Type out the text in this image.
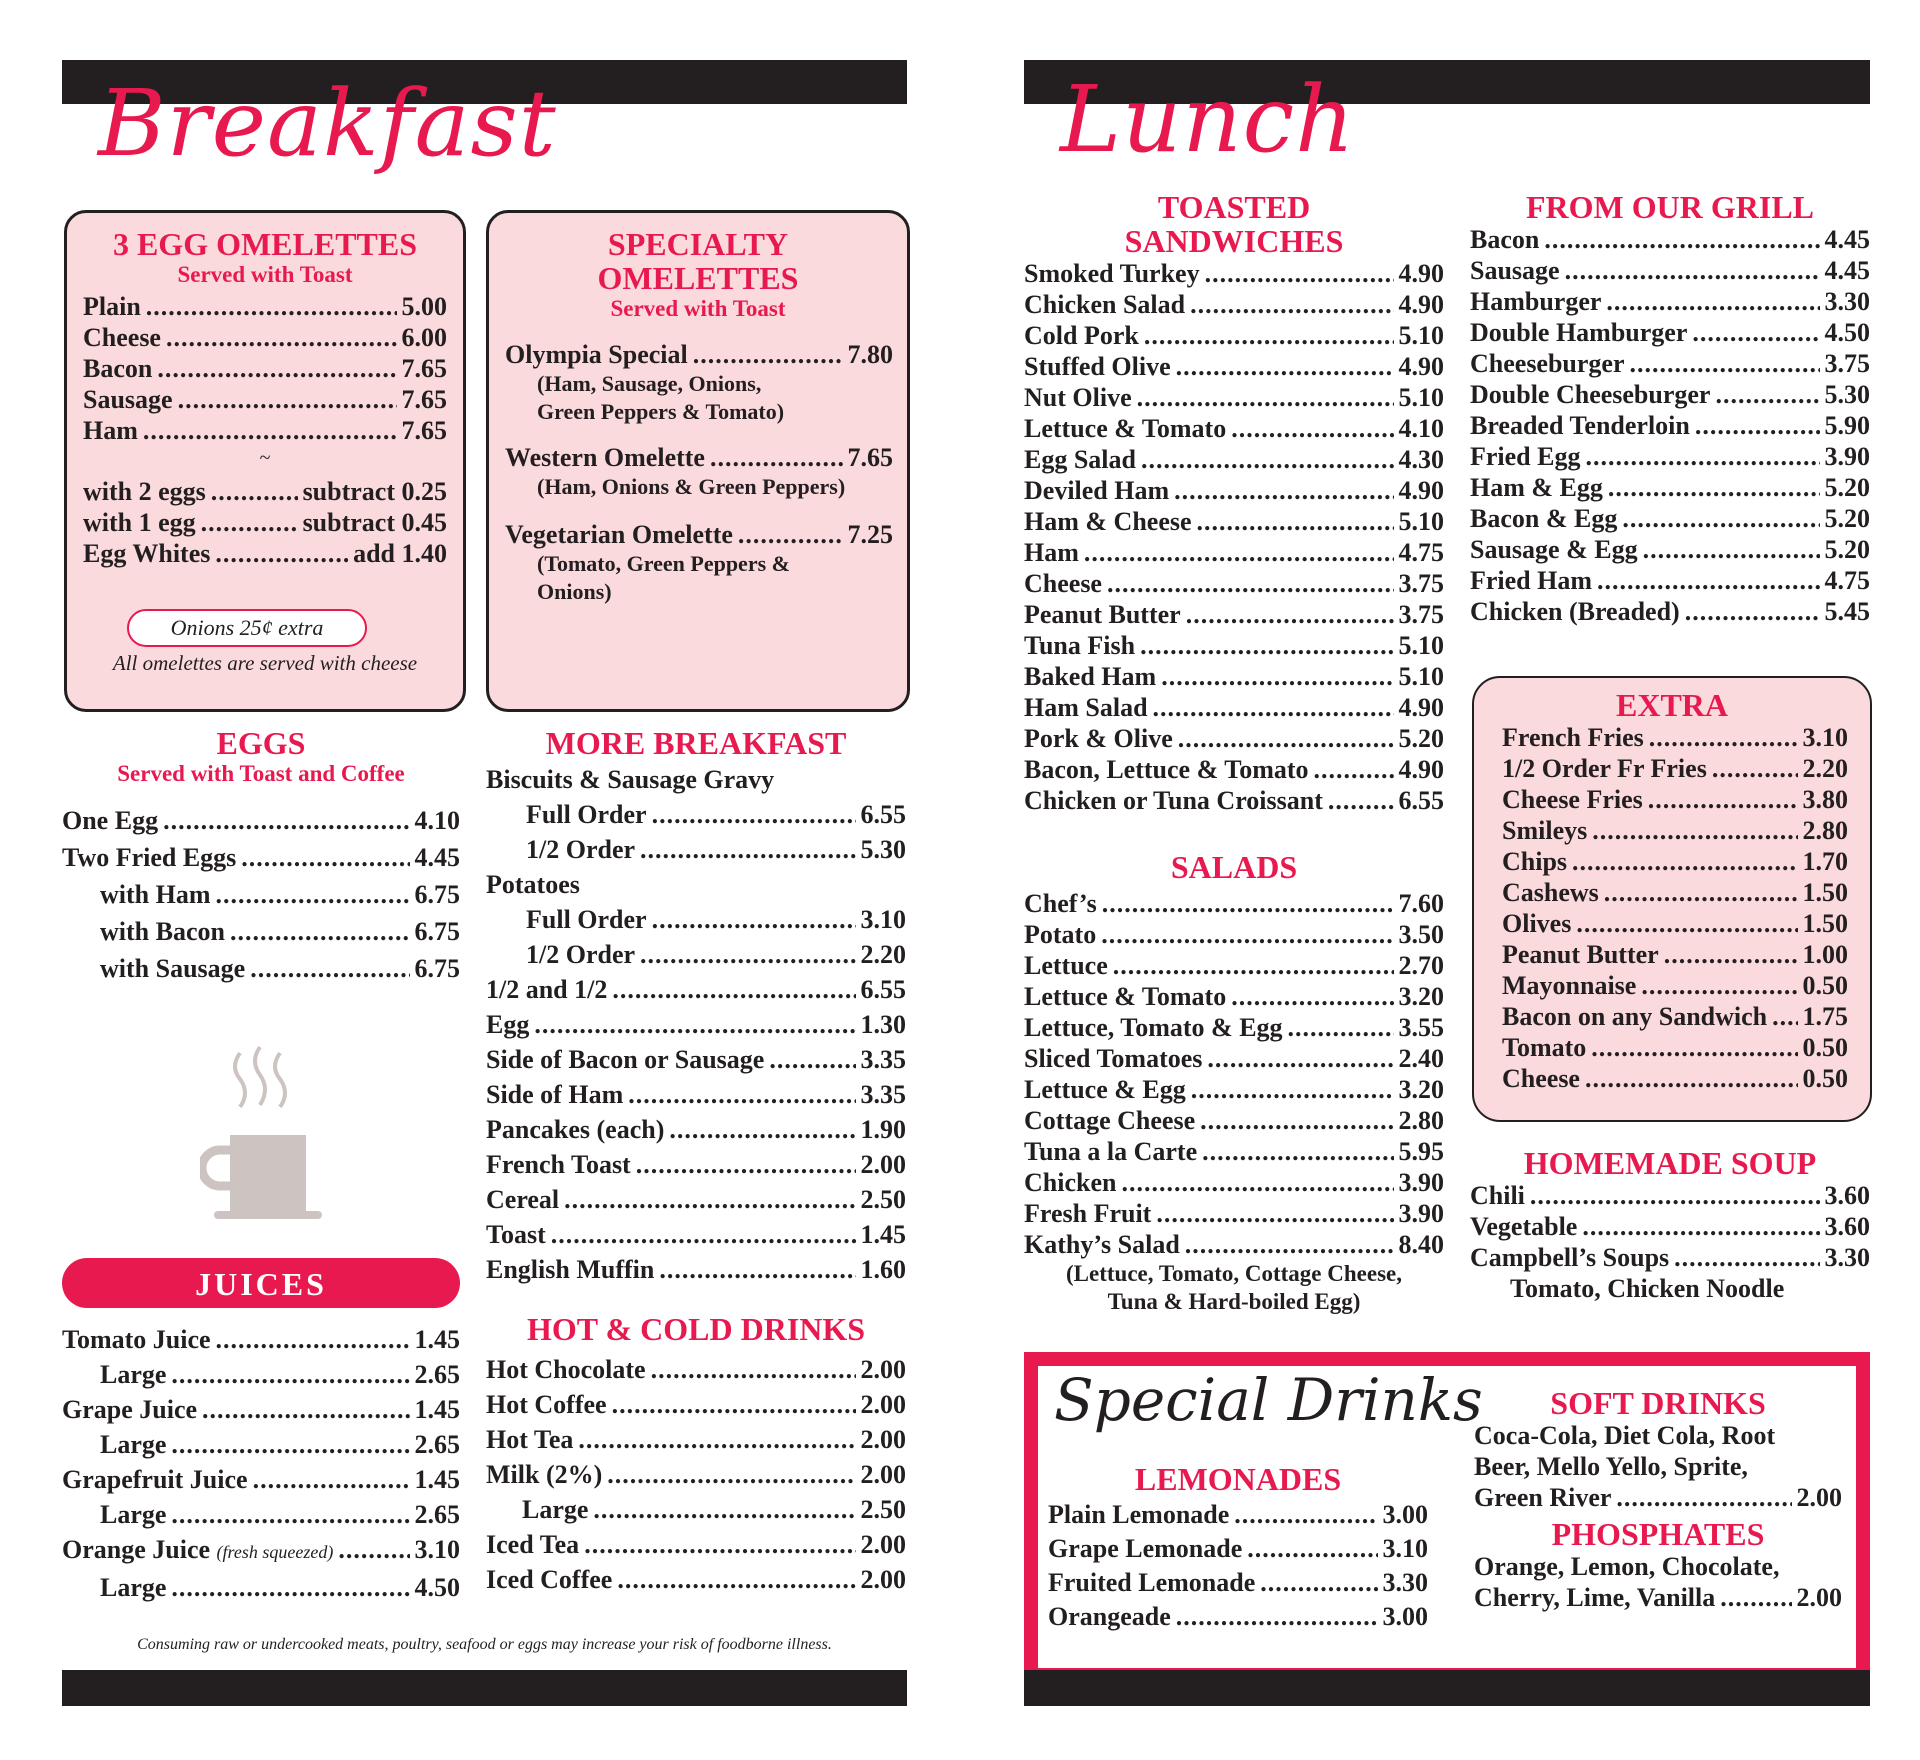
Breakfast
3 EGG OMELETTES
Served with Toast
Plain .....	5.00
Cheese .....	6.00
Bacon .....	7.65
Sausage .....	7.65
Ham .....	7.65
~
with 2 eggs .....	subtract 0.25
with 1 egg .....	subtract 0.45
Egg Whites .....	add 1.40
Onions 25¢ extra
All omelettes are served with cheese
SPECIALTY
OMELETTES
Served with Toast
Olympia Special .....	7.80
(Ham, Sausage, Onions,
Green Peppers & Tomato)
Western Omelette .....	7.65
(Ham, Onions & Green Peppers)
Vegetarian Omelette .....	7.25
(Tomato, Green Peppers &
Onions)
EGGS
Served with Toast and Coffee
One Egg .....	4.10
Two Fried Eggs .....	4.45
with Ham .....	6.75
with Bacon .....	6.75
with Sausage .....	6.75
JUICES
Tomato Juice .....	1.45
Large .....	2.65
Grape Juice .....	1.45
Large .....	2.65
Grapefruit Juice .....	1.45
Large .....	2.65
Orange Juice (fresh squeezed) .....	3.10
Large .....	4.50
MORE BREAKFAST
Biscuits & Sausage Gravy
Full Order .....	6.55
1/2 Order .....	5.30
Potatoes
Full Order .....	3.10
1/2 Order .....	2.20
1/2 and 1/2 .....	6.55
Egg .....	1.30
Side of Bacon or Sausage .....	3.35
Side of Ham .....	3.35
Pancakes (each) .....	1.90
French Toast .....	2.00
Cereal .....	2.50
Toast .....	1.45
English Muffin .....	1.60
HOT & COLD DRINKS
Hot Chocolate .....	2.00
Hot Coffee .....	2.00
Hot Tea .....	2.00
Milk (2%) .....	2.00
Large .....	2.50
Iced Tea .....	2.00
Iced Coffee .....	2.00
Consuming raw or undercooked meats, poultry, seafood or eggs may increase your risk of foodborne illness.
Lunch
TOASTED
SANDWICHES
Smoked Turkey .....	4.90
Chicken Salad .....	4.90
Cold Pork .....	5.10
Stuffed Olive .....	4.90
Nut Olive .....	5.10
Lettuce & Tomato .....	4.10
Egg Salad .....	4.30
Deviled Ham .....	4.90
Ham & Cheese .....	5.10
Ham .....	4.75
Cheese .....	3.75
Peanut Butter .....	3.75
Tuna Fish .....	5.10
Baked Ham .....	5.10
Ham Salad .....	4.90
Pork & Olive .....	5.20
Bacon, Lettuce & Tomato .....	4.90
Chicken or Tuna Croissant .....	6.55
SALADS
Chef’s .....	7.60
Potato .....	3.50
Lettuce .....	2.70
Lettuce & Tomato .....	3.20
Lettuce, Tomato & Egg .....	3.55
Sliced Tomatoes .....	2.40
Lettuce & Egg .....	3.20
Cottage Cheese .....	2.80
Tuna a la Carte .....	5.95
Chicken .....	3.90
Fresh Fruit .....	3.90
Kathy’s Salad .....	8.40
(Lettuce, Tomato, Cottage Cheese,
Tuna & Hard-boiled Egg)
FROM OUR GRILL
Bacon .....	4.45
Sausage .....	4.45
Hamburger .....	3.30
Double Hamburger .....	4.50
Cheeseburger .....	3.75
Double Cheeseburger .....	5.30
Breaded Tenderloin .....	5.90
Fried Egg .....	3.90
Ham & Egg .....	5.20
Bacon & Egg .....	5.20
Sausage & Egg .....	5.20
Fried Ham .....	4.75
Chicken (Breaded) .....	5.45
EXTRA
French Fries .....	3.10
1/2 Order Fr Fries .....	2.20
Cheese Fries .....	3.80
Smileys .....	2.80
Chips .....	1.70
Cashews .....	1.50
Olives .....	1.50
Peanut Butter .....	1.00
Mayonnaise .....	0.50
Bacon on any Sandwich ..... 1.75
Tomato .....	0.50
Cheese .....	0.50
HOMEMADE SOUP
Chili .....	3.60
Vegetable .....	3.60
Campbell’s Soups .....	3.30
Tomato, Chicken Noodle
Special Drinks
LEMONADES
Plain Lemonade .....	3.00
Grape Lemonade .....	3.10
Fruited Lemonade .....	3.30
Orangeade .....	3.00
SOFT DRINKS
Coca-Cola, Diet Cola, Root
Beer, Mello Yello, Sprite,
Green River .....	2.00
PHOSPHATES
Orange, Lemon, Chocolate,
Cherry, Lime, Vanilla .....	2.00
